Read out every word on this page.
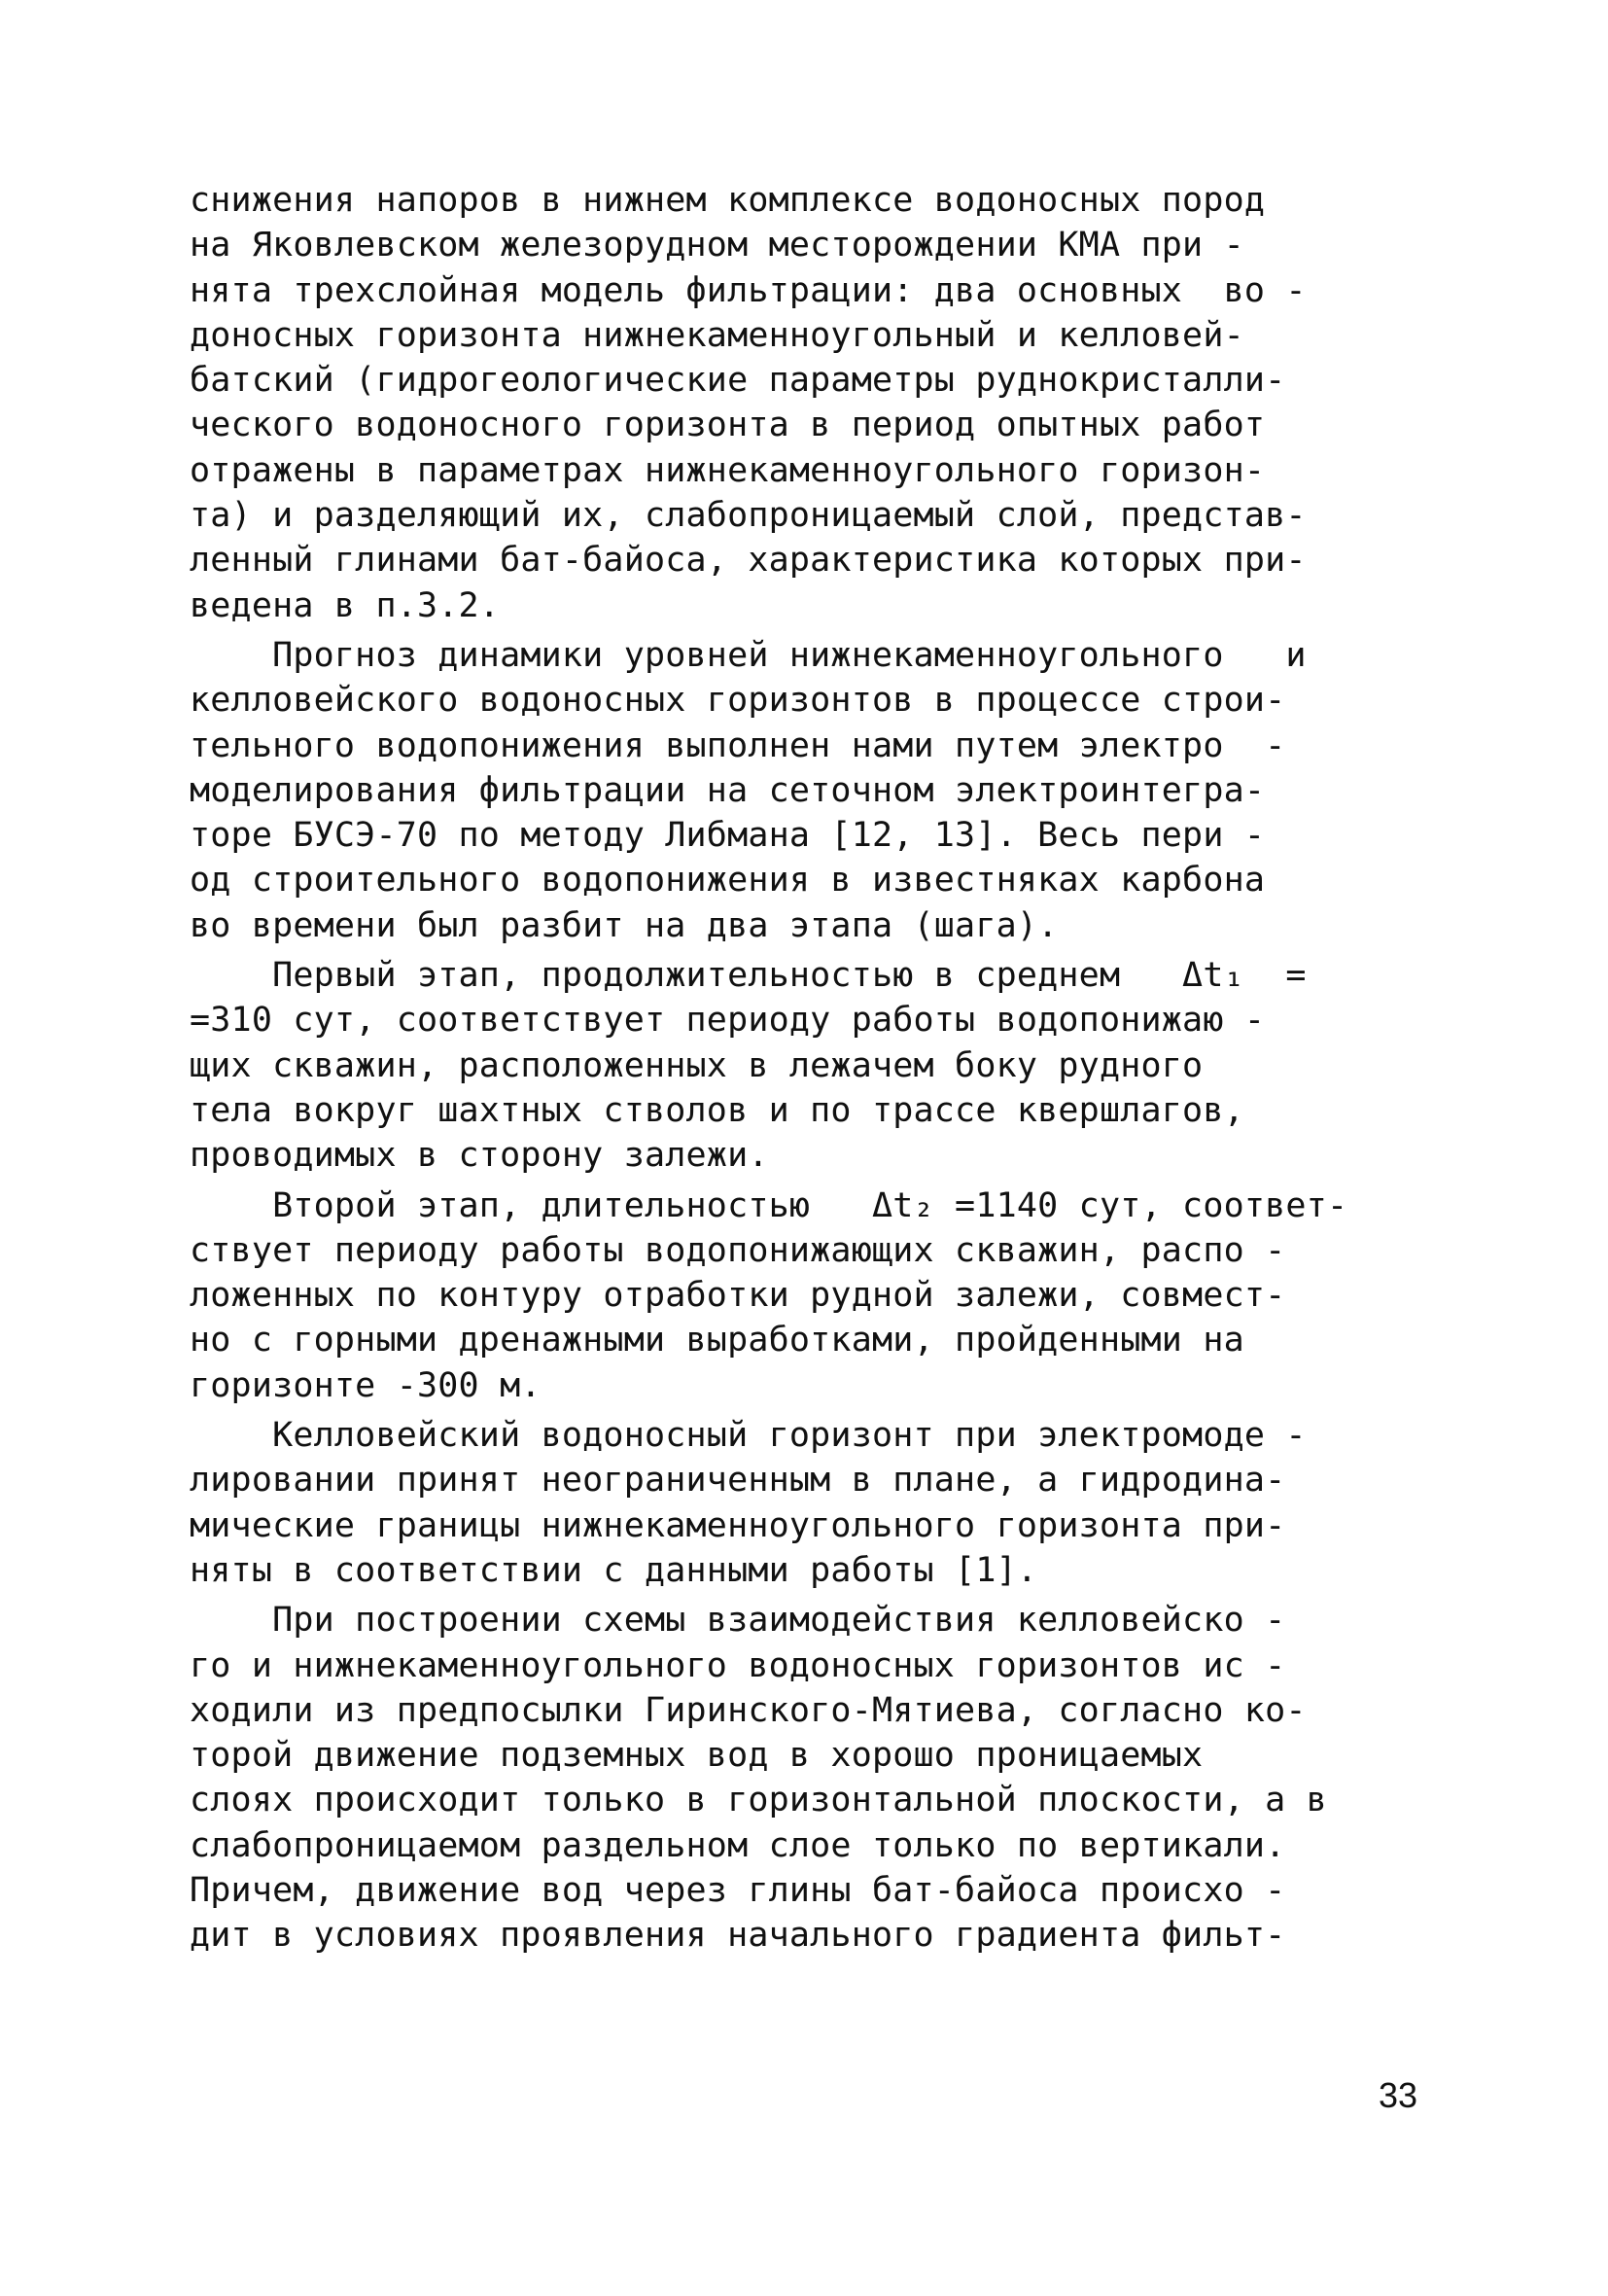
снижения напоров в нижнем комплексе водоносных пород
на Яковлевском железорудном месторождении КМА при -
нята трехслойная модель фильтрации: два основных  во -
доносных горизонта нижнекаменноугольный и келловей-
батский (гидрогеологические параметры руднокристалли-
ческого водоносного горизонта в период опытных работ
отражены в параметрах нижнекаменноугольного горизон-
та) и разделяющий их, слабопроницаемый слой, представ-
ленный глинами бат-байоса, характеристика которых при-
ведена в п.3.2.
Прогноз динамики уровней нижнекаменноугольного   и
келловейского водоносных горизонтов в процессе строи-
тельного водопонижения выполнен нами путем электро  -
моделирования фильтрации на сеточном электроинтегра-
торе БУСЭ-70 по методу Либмана [12, 13]. Весь пери -
од строительного водопонижения в известняках карбона
во времени был разбит на два этапа (шага).
Первый этап, продолжительностью в среднем   Δt₁  =
=310 сут, соответствует периоду работы водопонижаю -
щих скважин, расположенных в лежачем боку рудного
тела вокруг шахтных стволов и по трассе квершлагов,
проводимых в сторону залежи.
Второй этап, длительностью   Δt₂ =1140 сут, соответ-
ствует периоду работы водопонижающих скважин, распо -
ложенных по контуру отработки рудной залежи, совмест-
но с горными дренажными выработками, пройденными на
горизонте -300 м.
Келловейский водоносный горизонт при электромоде -
лировании принят неограниченным в плане, а гидродина-
мические границы нижнекаменноугольного горизонта при-
няты в соответствии с данными работы [1].
При построении схемы взаимодействия келловейско -
го и нижнекаменноугольного водоносных горизонтов ис -
ходили из предпосылки Гиринского-Мятиева, согласно ко-
торой движение подземных вод в хорошо проницаемых
слоях происходит только в горизонтальной плоскости, а в
слабопроницаемом раздельном слое только по вертикали.
Причем, движение вод через глины бат-байоса происхо -
дит в условиях проявления начального градиента фильт-
33
